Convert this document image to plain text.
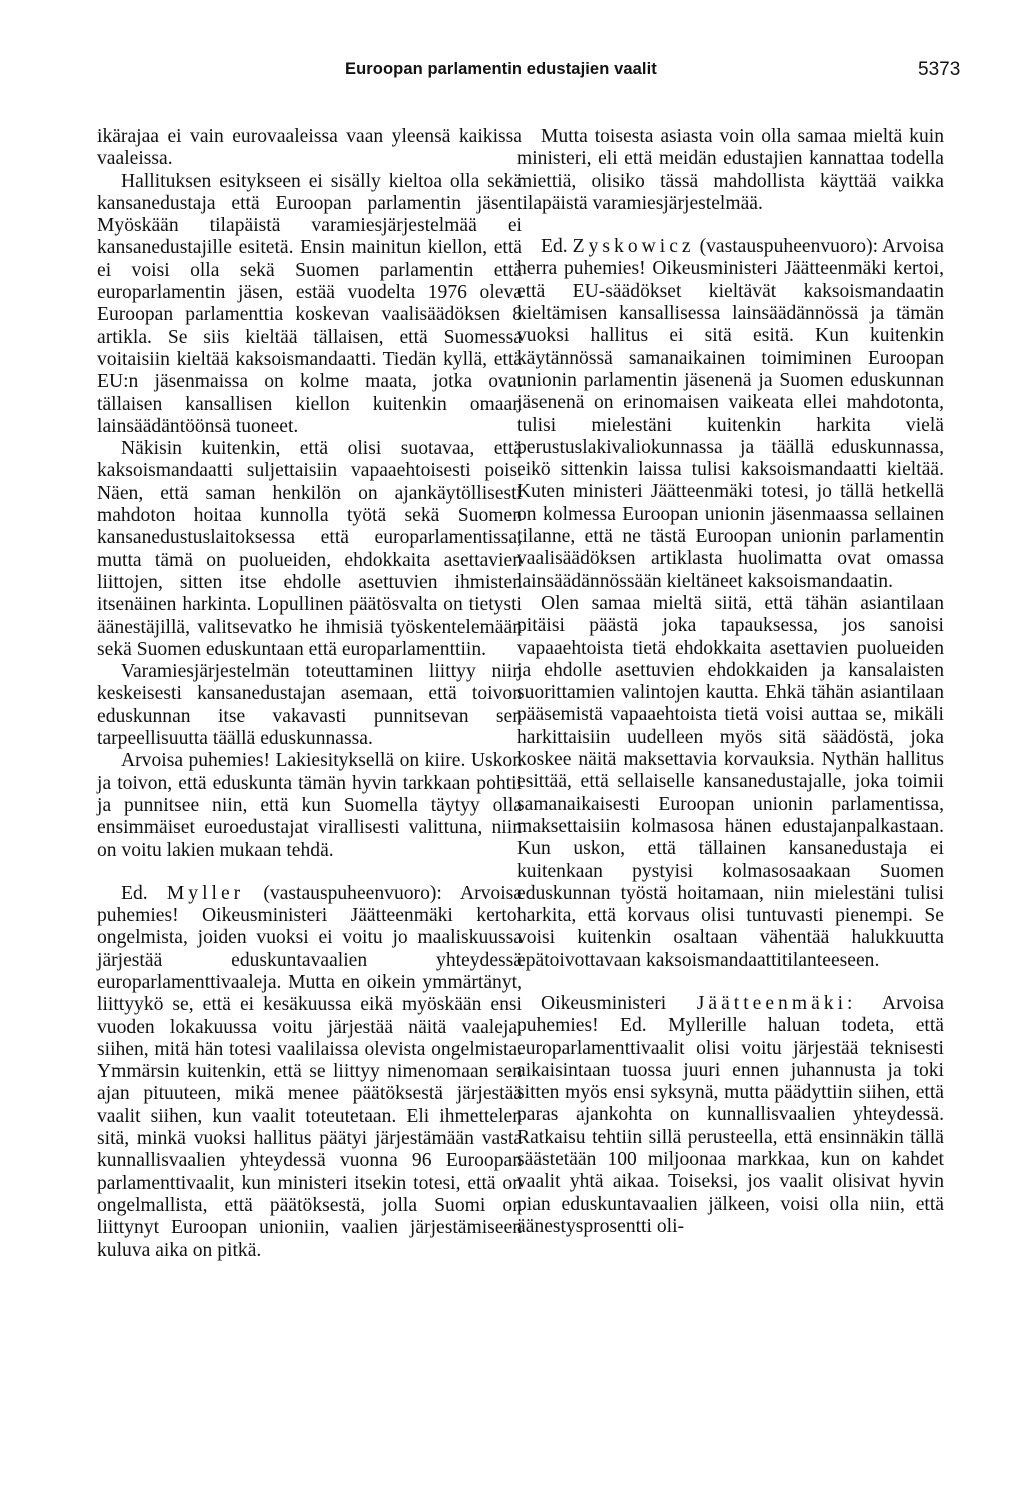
Euroopan parlamentin edustajien vaalit	5373

ikärajaa ei vain eurovaaleissa vaan yleensä kaikissa vaaleissa.

Hallituksen esitykseen ei sisälly kieltoa olla sekä kansanedustaja että Euroopan parlamentin jäsen. Myöskään tilapäistä varamiesjärjestelmää ei kansanedustajille esitetä. Ensin mainitun kiellon, että ei voisi olla sekä Suomen parlamentin että europarlamentin jäsen, estää vuodelta 1976 oleva Euroopan parlamenttia koskevan vaalisäädöksen 8 artikla. Se siis kieltää tällaisen, että Suomessa voitaisiin kieltää kaksoismandaatti. Tiedän kyllä, että EU:n jäsenmaissa on kolme maata, jotka ovat tällaisen kansallisen kiellon kuitenkin omaan lainsäädäntöönsä tuoneet.

Näkisin kuitenkin, että olisi suotavaa, että kaksoismandaatti suljettaisiin vapaaehtoisesti pois. Näen, että saman henkilön on ajankäytöllisesti mahdoton hoitaa kunnolla työtä sekä Suomen kansanedustuslaitoksessa että europarlamentissa, mutta tämä on puolueiden, ehdokkaita asettavien liittojen, sitten itse ehdolle asettuvien ihmisten itsenäinen harkinta. Lopullinen päätösvalta on tietysti äänestäjillä, valitsevatko he ihmisiä työskentelemään sekä Suomen eduskuntaan että europarlamenttiin.

Varamiesjärjestelmän toteuttaminen liittyy niin keskeisesti kansanedustajan asemaan, että toivon eduskunnan itse vakavasti punnitsevan sen tarpeellisuutta täällä eduskunnassa.

Arvoisa puhemies! Lakiesityksellä on kiire. Uskon ja toivon, että eduskunta tämän hyvin tarkkaan pohtii ja punnitsee niin, että kun Suomella täytyy olla ensimmäiset euroedustajat virallisesti valittuna, niin on voitu lakien mukaan tehdä.

Ed. Myller (vastauspuheenvuoro): Arvoisa puhemies! Oikeusministeri Jäätteenmäki kertoi ongelmista, joiden vuoksi ei voitu jo maaliskuussa järjestää eduskuntavaalien yhteydessä europarlamenttivaaleja. Mutta en oikein ymmärtänyt, liittyykö se, että ei kesäkuussa eikä myöskään ensi vuoden lokakuussa voitu järjestää näitä vaaleja, siihen, mitä hän totesi vaalilaissa olevista ongelmista. Ymmärsin kuitenkin, että se liittyy nimenomaan sen ajan pituuteen, mikä menee päätöksestä järjestää vaalit siihen, kun vaalit toteutetaan. Eli ihmettelen sitä, minkä vuoksi hallitus päätyi järjestämään vasta kunnallisvaalien yhteydessä vuonna 96 Euroopan parlamenttivaalit, kun ministeri itsekin totesi, että on ongelmallista, että päätöksestä, jolla Suomi on liittynyt Euroopan unioniin, vaalien järjestämiseen kuluva aika on pitkä.

Mutta toisesta asiasta voin olla samaa mieltä kuin ministeri, eli että meidän edustajien kannattaa todella miettiä, olisiko tässä mahdollista käyttää vaikka tilapäistä varamiesjärjestelmää.

Ed. Zyskowicz (vastauspuheenvuoro): Arvoisa herra puhemies! Oikeusministeri Jäätteenmäki kertoi, että EU-säädökset kieltävät kaksoismandaatin kieltämisen kansallisessa lainsäädännössä ja tämän vuoksi hallitus ei sitä esitä. Kun kuitenkin käytännössä samanaikainen toimiminen Euroopan unionin parlamentin jäsenenä ja Suomen eduskunnan jäsenenä on erinomaisen vaikeata ellei mahdotonta, tulisi mielestäni kuitenkin harkita vielä perustuslakivaliokunnassa ja täällä eduskunnassa, eikö sittenkin laissa tulisi kaksoismandaatti kieltää. Kuten ministeri Jäätteenmäki totesi, jo tällä hetkellä on kolmessa Euroopan unionin jäsenmaassa sellainen tilanne, että ne tästä Euroopan unionin parlamentin vaalisäädöksen artiklasta huolimatta ovat omassa lainsäädännössään kieltäneet kaksoismandaatin.

Olen samaa mieltä siitä, että tähän asiantilaan pitäisi päästä joka tapauksessa, jos sanoisi vapaaehtoista tietä ehdokkaita asettavien puolueiden ja ehdolle asettuvien ehdokkaiden ja kansalaisten suorittamien valintojen kautta. Ehkä tähän asiantilaan pääsemistä vapaaehtoista tietä voisi auttaa se, mikäli harkittaisiin uudelleen myös sitä säädöstä, joka koskee näitä maksettavia korvauksia. Nythän hallitus esittää, että sellaiselle kansanedustajalle, joka toimii samanaikaisesti Euroopan unionin parlamentissa, maksettaisiin kolmasosa hänen edustajanpalkastaan. Kun uskon, että tällainen kansanedustaja ei kuitenkaan pystyisi kolmasosaakaan Suomen eduskunnan työstä hoitamaan, niin mielestäni tulisi harkita, että korvaus olisi tuntuvasti pienempi. Se voisi kuitenkin osaltaan vähentää halukkuutta epätoivottavaan kaksoismandaattitilanteeseen.

Oikeusministeri Jäätteenmäki: Arvoisa puhemies! Ed. Myllerille haluan todeta, että europarlamenttivaalit olisi voitu järjestää teknisesti aikaisintaan tuossa juuri ennen juhannusta ja toki sitten myös ensi syksynä, mutta päädyttiin siihen, että paras ajankohta on kunnallisvaalien yhteydessä. Ratkaisu tehtiin sillä perusteella, että ensinnäkin tällä säästetään 100 miljoonaa markkaa, kun on kahdet vaalit yhtä aikaa. Toiseksi, jos vaalit olisivat hyvin pian eduskuntavaalien jälkeen, voisi olla niin, että äänestysprosentti oli-
